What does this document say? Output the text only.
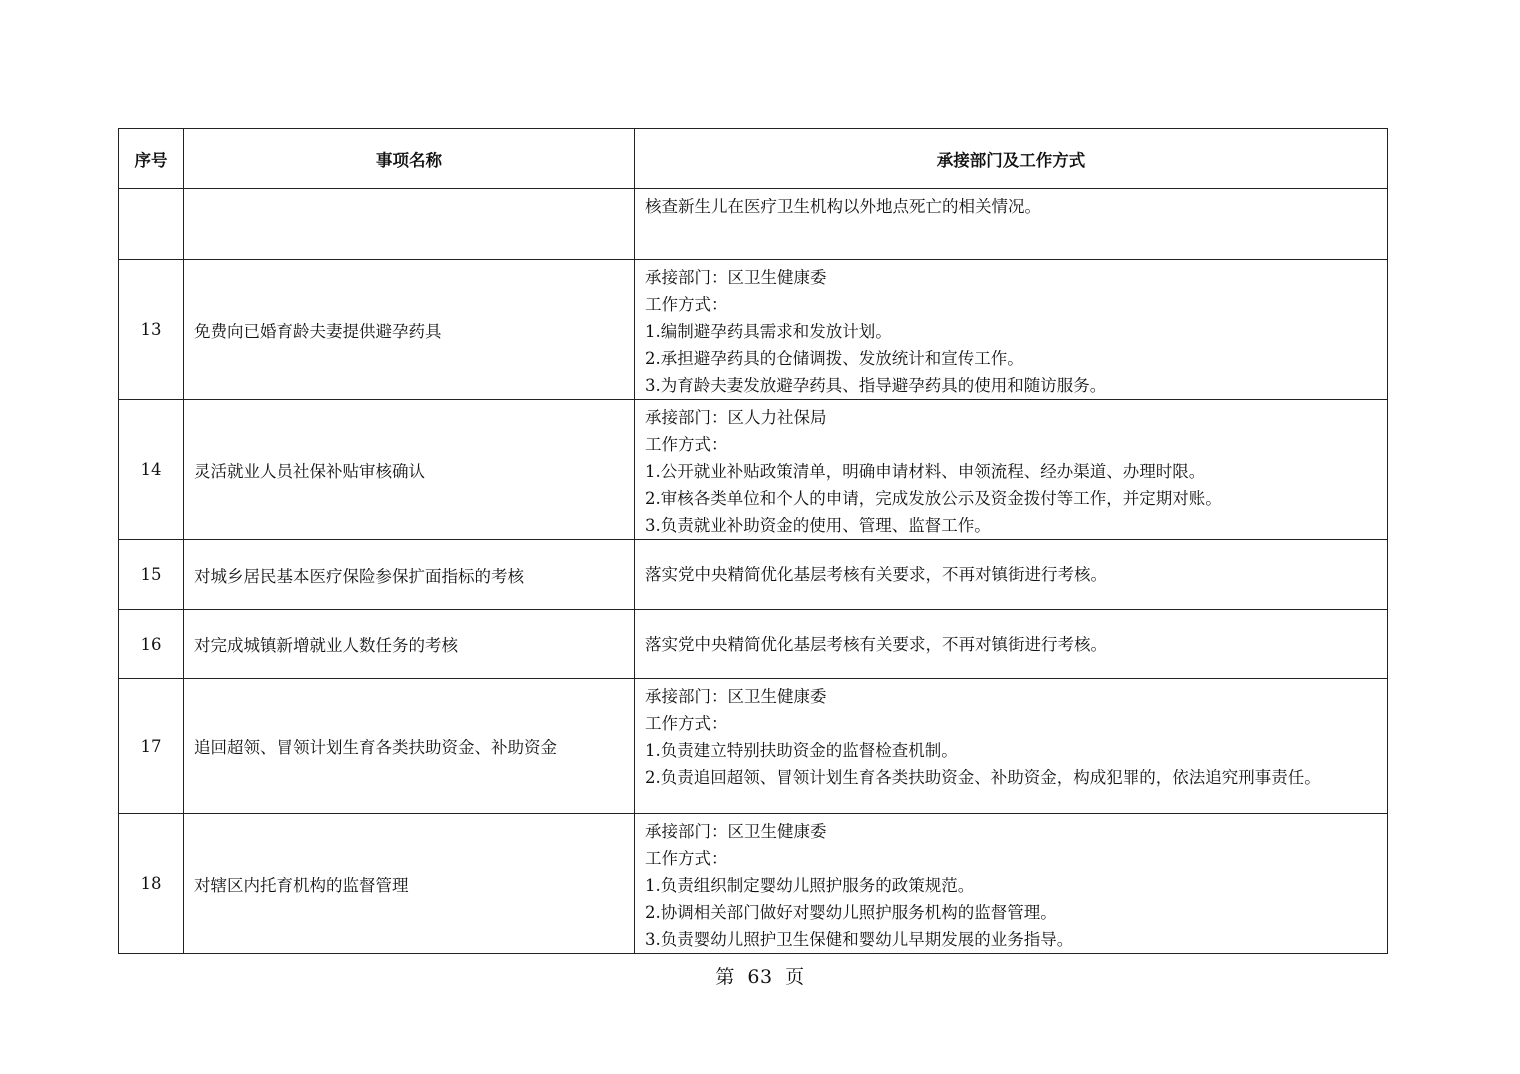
序号	事项名称	承接部门及工作方式

		核查新生儿在医疗卫生机构以外地点死亡的相关情况。

13	免费向已婚育龄夫妻提供避孕药具	承接部门：区卫生健康委
工作方式：
1.编制避孕药具需求和发放计划。
2.承担避孕药具的仓储调拨、发放统计和宣传工作。
3.为育龄夫妻发放避孕药具、指导避孕药具的使用和随访服务。

14	灵活就业人员社保补贴审核确认	承接部门：区人力社保局
工作方式：
1.公开就业补贴政策清单，明确申请材料、申领流程、经办渠道、办理时限。
2.审核各类单位和个人的申请，完成发放公示及资金拨付等工作，并定期对账。
3.负责就业补助资金的使用、管理、监督工作。

15	对城乡居民基本医疗保险参保扩面指标的考核	落实党中央精简优化基层考核有关要求，不再对镇街进行考核。

16	对完成城镇新增就业人数任务的考核	落实党中央精简优化基层考核有关要求，不再对镇街进行考核。

17	追回超领、冒领计划生育各类扶助资金、补助资金	承接部门：区卫生健康委
工作方式：
1.负责建立特别扶助资金的监督检查机制。
2.负责追回超领、冒领计划生育各类扶助资金、补助资金，构成犯罪的，依法追究刑事责任。

18	对辖区内托育机构的监督管理	承接部门：区卫生健康委
工作方式：
1.负责组织制定婴幼儿照护服务的政策规范。
2.协调相关部门做好对婴幼儿照护服务机构的监督管理。
3.负责婴幼儿照护卫生保健和婴幼儿早期发展的业务指导。
第 63 页
